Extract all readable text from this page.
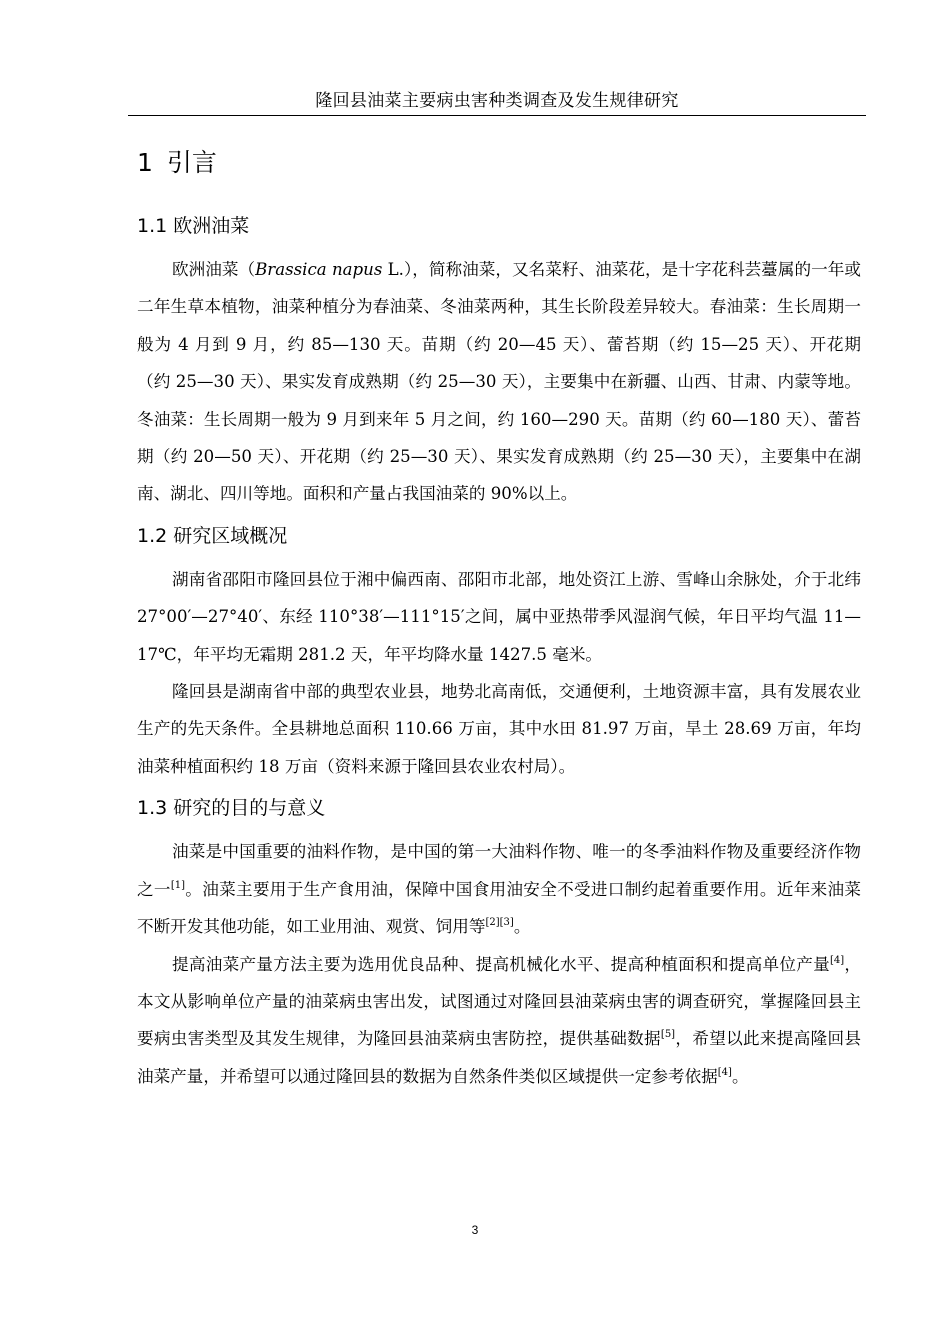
隆回县油菜主要病虫害种类调查及发生规律研究
1 引言
1.1 欧洲油菜

欧洲油菜（Brassica napus L.），简称油菜，又名菜籽、油菜花，是十字花科芸薹属的一年或二年生草本植物，油菜种植分为春油菜、冬油菜两种，其生长阶段差异较大。春油菜：生长周期一般为 4 月到 9 月，约 85—130 天。苗期（约 20—45 天）、蕾苔期（约 15—25 天）、开花期（约 25—30 天）、果实发育成熟期（约 25—30 天），主要集中在新疆、山西、甘肃、内蒙等地。冬油菜：生长周期一般为 9 月到来年 5 月之间，约 160—290 天。苗期（约 60—180 天）、蕾苔期（约 20—50 天）、开花期（约 25—30 天）、果实发育成熟期（约 25—30 天），主要集中在湖南、湖北、四川等地。面积和产量占我国油菜的 90%以上。

1.2 研究区域概况

湖南省邵阳市隆回县位于湘中偏西南、邵阳市北部，地处资江上游、雪峰山余脉处，介于北纬 27°00′—27°40′、东经 110°38′—111°15′之间，属中亚热带季风湿润气候，年日平均气温 11—17℃，年平均无霜期 281.2 天，年平均降水量 1427.5 毫米。

隆回县是湖南省中部的典型农业县，地势北高南低，交通便利，土地资源丰富，具有发展农业生产的先天条件。全县耕地总面积 110.66 万亩，其中水田 81.97 万亩，旱土 28.69 万亩，年均油菜种植面积约 18 万亩（资料来源于隆回县农业农村局）。

1.3 研究的目的与意义

油菜是中国重要的油料作物，是中国的第一大油料作物、唯一的冬季油料作物及重要经济作物之一[1]。油菜主要用于生产食用油，保障中国食用油安全不受进口制约起着重要作用。近年来油菜不断开发其他功能，如工业用油、观赏、饲用等[2][3]。

提高油菜产量方法主要为选用优良品种、提高机械化水平、提高种植面积和提高单位产量[4]，本文从影响单位产量的油菜病虫害出发，试图通过对隆回县油菜病虫害的调查研究，掌握隆回县主要病虫害类型及其发生规律，为隆回县油菜病虫害防控，提供基础数据[5]，希望以此来提高隆回县油菜产量，并希望可以通过隆回县的数据为自然条件类似区域提供一定参考依据[4]。

3
